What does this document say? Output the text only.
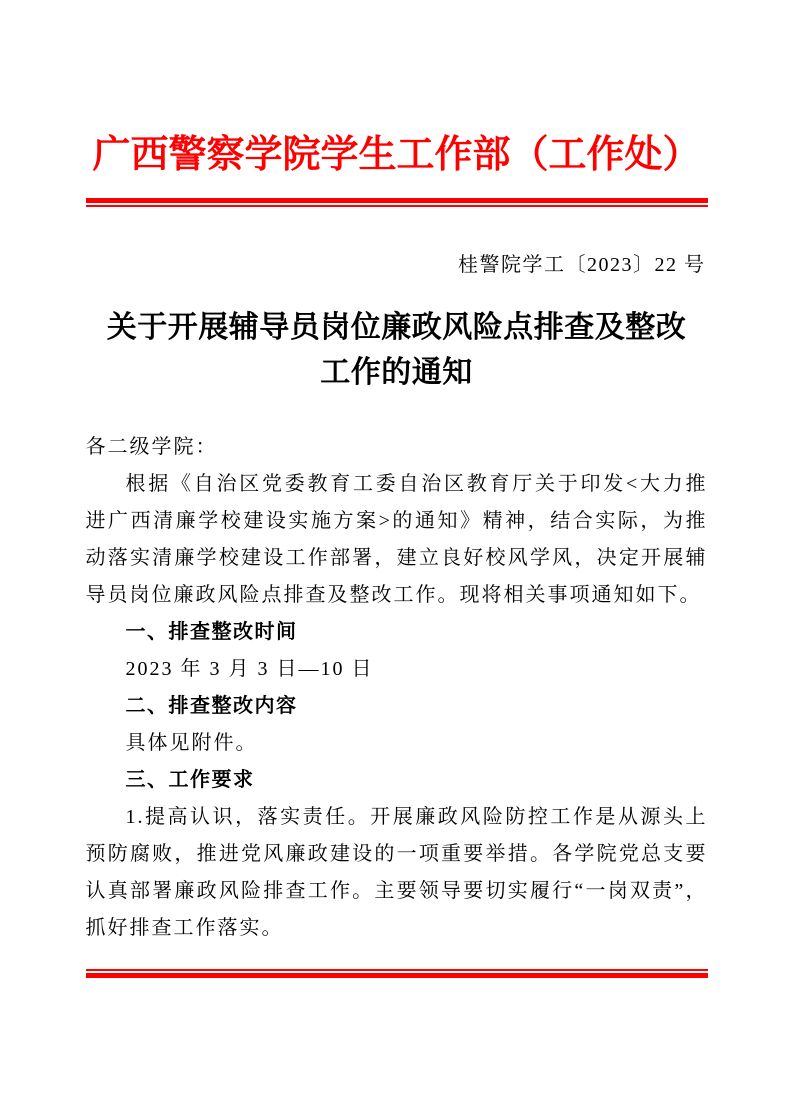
广西警察学院学生工作部（工作处）
桂警院学工〔2023〕22 号
关于开展辅导员岗位廉政风险点排查及整改工作的通知

各二级学院：

根据《自治区党委教育工委自治区教育厅关于印发<大力推进广西清廉学校建设实施方案>的通知》精神，结合实际，为推动落实清廉学校建设工作部署，建立良好校风学风，决定开展辅导员岗位廉政风险点排查及整改工作。现将相关事项通知如下。

一、排查整改时间

2023 年 3 月 3 日—10 日

二、排查整改内容

具体见附件。

三、工作要求

1.提高认识，落实责任。开展廉政风险防控工作是从源头上预防腐败，推进党风廉政建设的一项重要举措。各学院党总支要认真部署廉政风险排查工作。主要领导要切实履行“一岗双责”，抓好排查工作落实。
